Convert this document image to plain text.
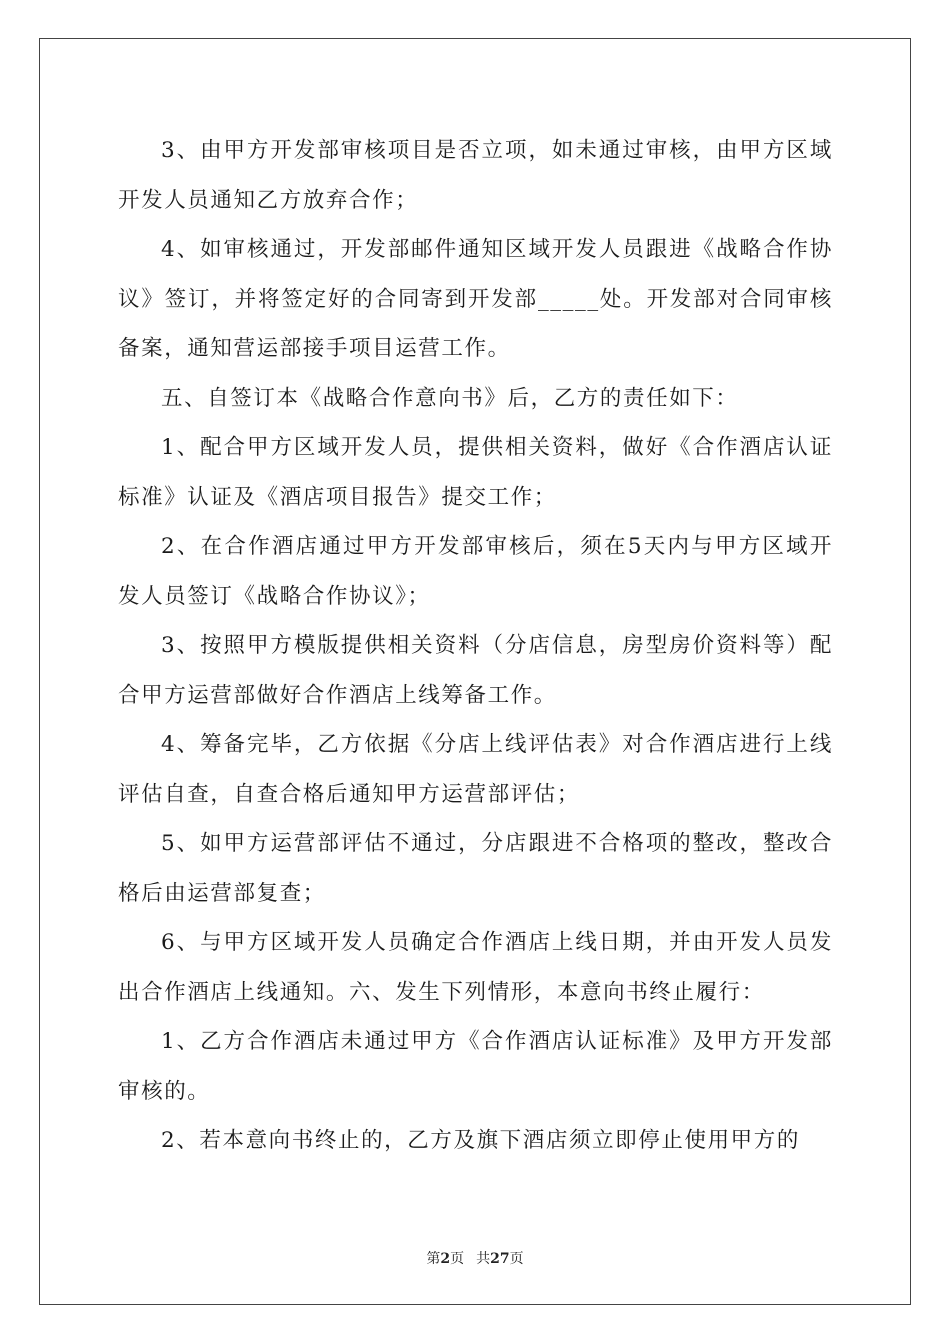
3、由甲方开发部审核项目是否立项，如未通过审核，由甲方区域开发人员通知乙方放弃合作；

4、如审核通过，开发部邮件通知区域开发人员跟进《战略合作协议》签订，并将签定好的合同寄到开发部_____处。开发部对合同审核备案，通知营运部接手项目运营工作。

五、自签订本《战略合作意向书》后，乙方的责任如下：

1、配合甲方区域开发人员，提供相关资料，做好《合作酒店认证标准》认证及《酒店项目报告》提交工作；

2、在合作酒店通过甲方开发部审核后，须在5天内与甲方区域开发人员签订《战略合作协议》；

3、按照甲方模版提供相关资料（分店信息，房型房价资料等）配合甲方运营部做好合作酒店上线筹备工作。

4、筹备完毕，乙方依据《分店上线评估表》对合作酒店进行上线评估自查，自查合格后通知甲方运营部评估；

5、如甲方运营部评估不通过，分店跟进不合格项的整改，整改合格后由运营部复查；

6、与甲方区域开发人员确定合作酒店上线日期，并由开发人员发出合作酒店上线通知。六、发生下列情形，本意向书终止履行：

1、乙方合作酒店未通过甲方《合作酒店认证标准》及甲方开发部审核的。

2、若本意向书终止的，乙方及旗下酒店须立即停止使用甲方的

第2页 共27页
